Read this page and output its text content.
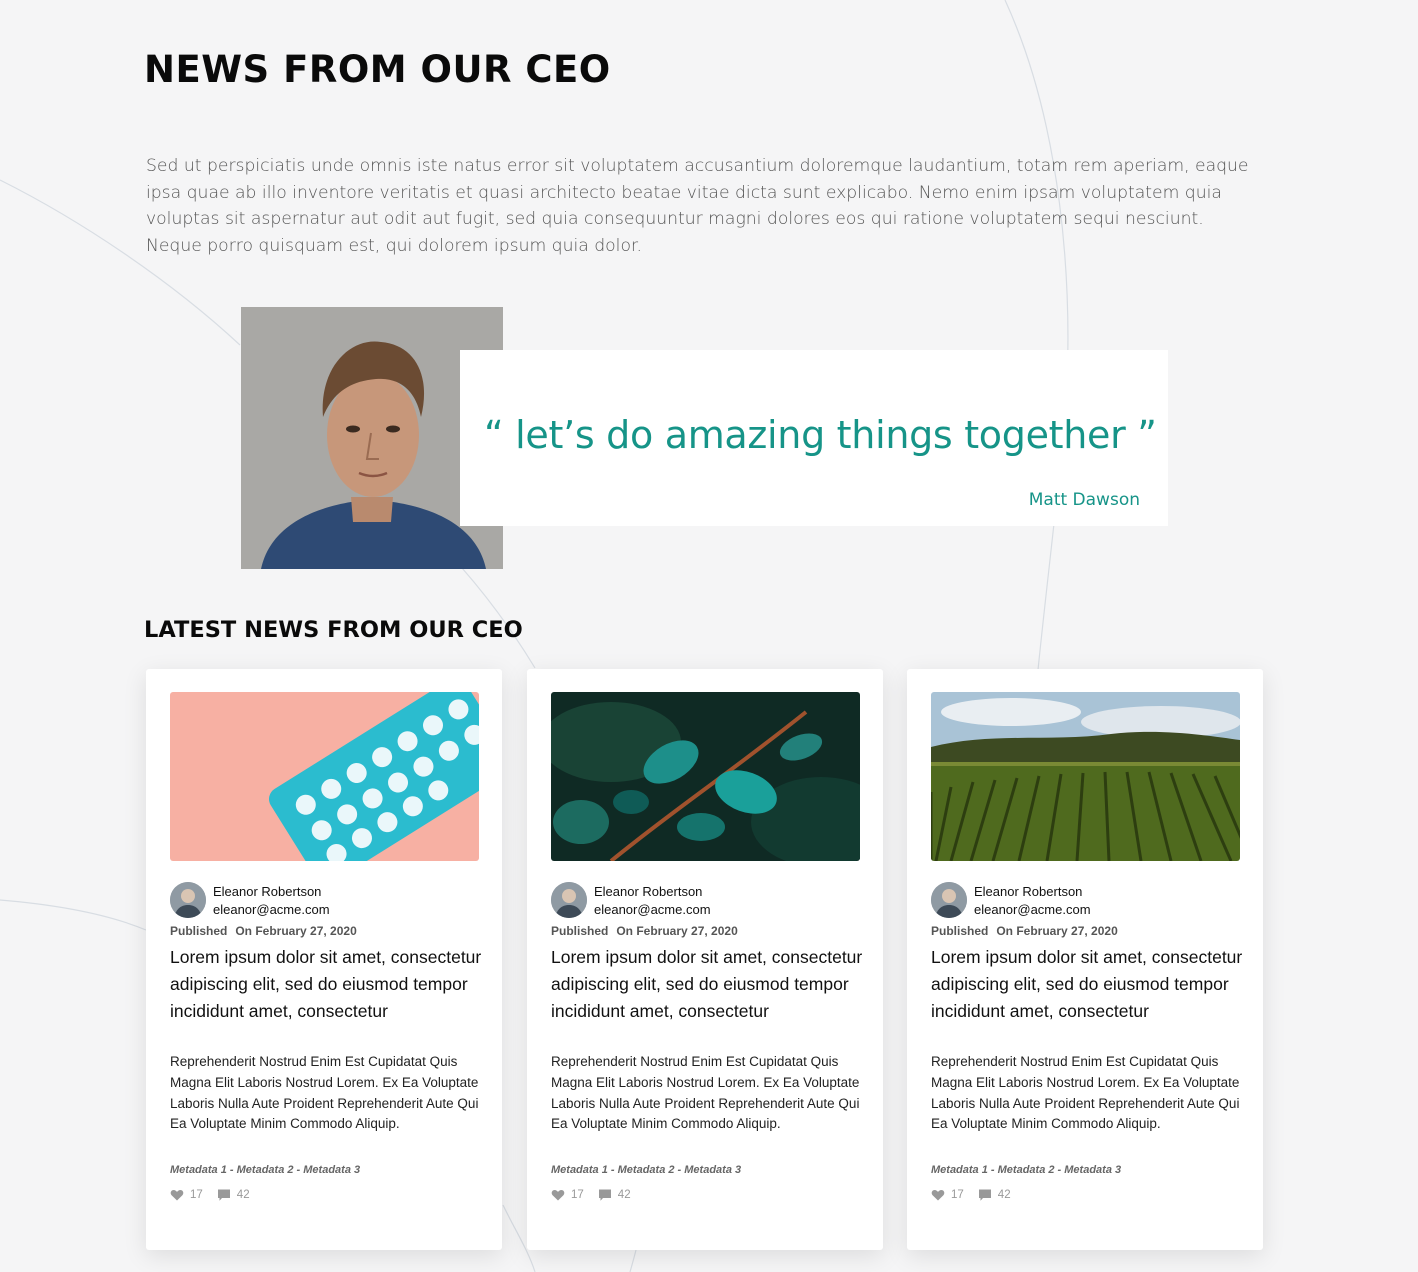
NEWS FROM OUR CEO

Sed ut perspiciatis unde omnis iste natus error sit voluptatem accusantium doloremque laudantium, totam rem aperiam, eaque ipsa quae ab illo inventore veritatis et quasi architecto beatae vitae dicta sunt explicabo. Nemo enim ipsam voluptatem quia voluptas sit aspernatur aut odit aut fugit, sed quia consequuntur magni dolores eos qui ratione voluptatem sequi nesciunt. Neque porro quisquam est, qui dolorem ipsum quia dolor.

“ let’s do amazing things together ”
Matt Dawson
LATEST NEWS FROM OUR CEO
Eleanor Robertson
eleanor@acme.com
Published On February 27, 2020
Lorem ipsum dolor sit amet, consectetur adipiscing elit, sed do eiusmod tempor incididunt amet, consectetur
Reprehenderit Nostrud Enim Est Cupidatat Quis Magna Elit Laboris Nostrud Lorem. Ex Ea Voluptate Laboris Nulla Aute Proident Reprehenderit Aute Qui Ea Voluptate Minim Commodo Aliquip.
Metadata 1 - Metadata 2 - Metadata 3
17	42
Eleanor Robertson
eleanor@acme.com
Published On February 27, 2020
Lorem ipsum dolor sit amet, consectetur adipiscing elit, sed do eiusmod tempor incididunt amet, consectetur
Reprehenderit Nostrud Enim Est Cupidatat Quis Magna Elit Laboris Nostrud Lorem. Ex Ea Voluptate Laboris Nulla Aute Proident Reprehenderit Aute Qui Ea Voluptate Minim Commodo Aliquip.
Metadata 1 - Metadata 2 - Metadata 3
17	42
Eleanor Robertson
eleanor@acme.com
Published On February 27, 2020
Lorem ipsum dolor sit amet, consectetur adipiscing elit, sed do eiusmod tempor incididunt amet, consectetur
Reprehenderit Nostrud Enim Est Cupidatat Quis Magna Elit Laboris Nostrud Lorem. Ex Ea Voluptate Laboris Nulla Aute Proident Reprehenderit Aute Qui Ea Voluptate Minim Commodo Aliquip.
Metadata 1 - Metadata 2 - Metadata 3
17	42
